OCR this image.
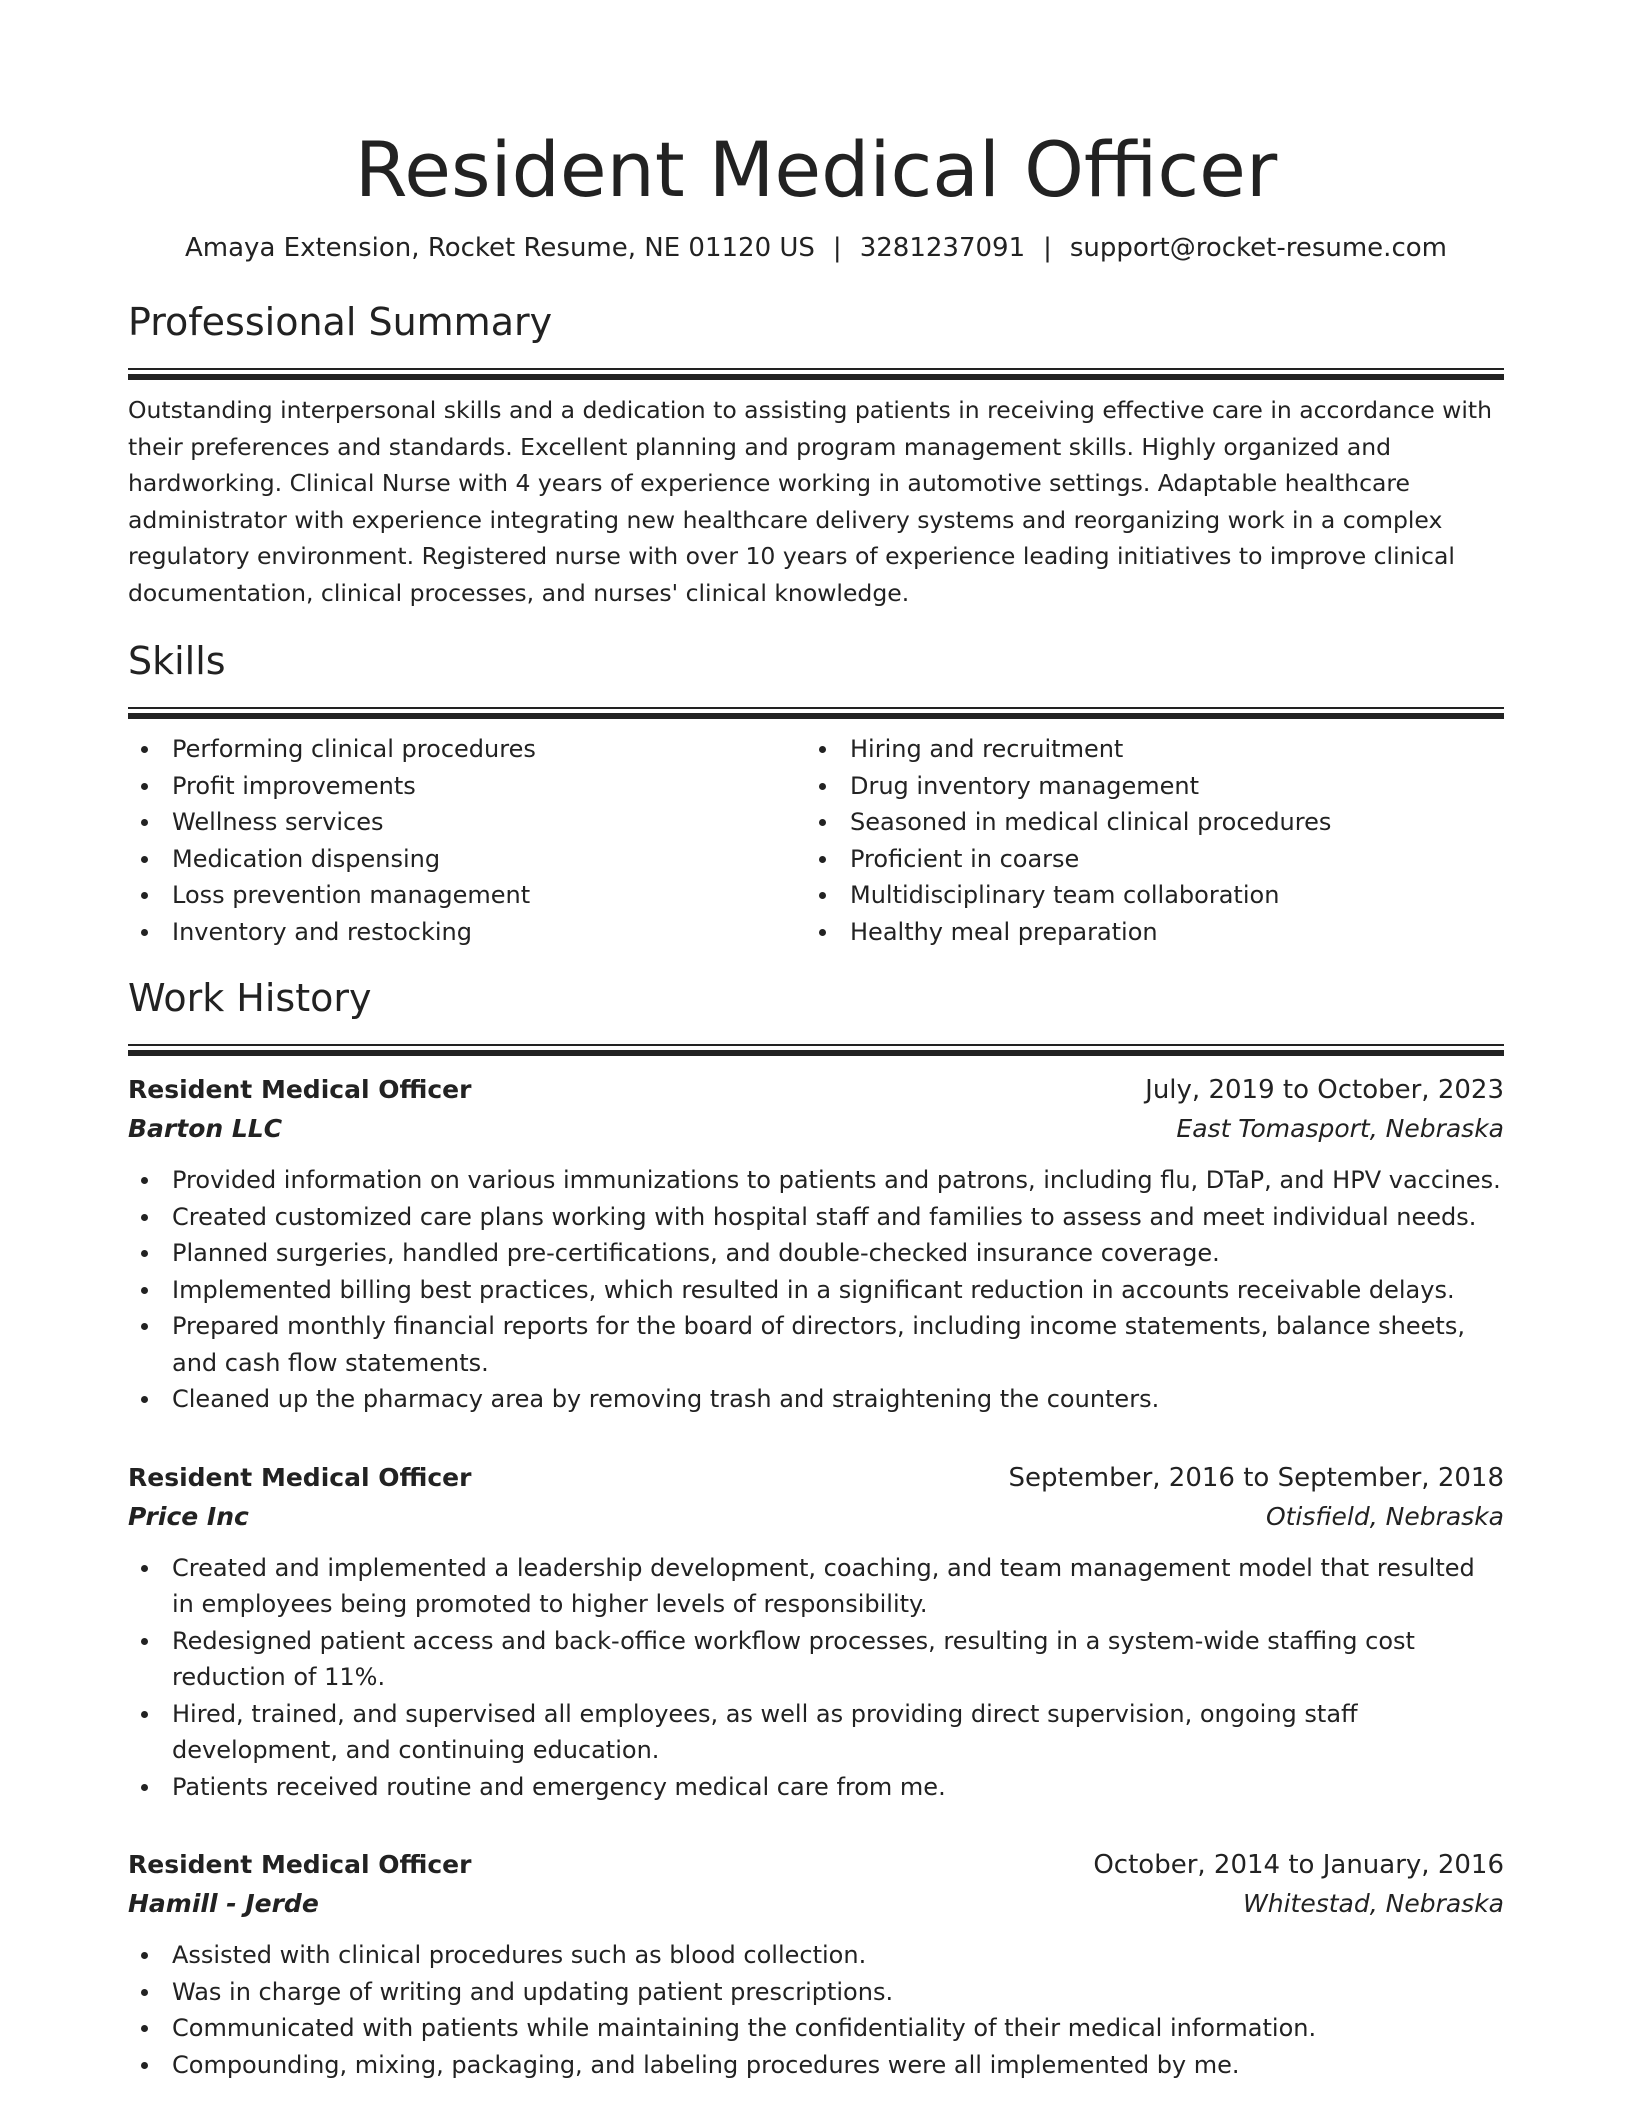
Resident Medical Officer
Amaya Extension, Rocket Resume, NE 01120 US | 3281237091 | support@rocket-resume.com
Professional Summary
Outstanding interpersonal skills and a dedication to assisting patients in receiving effective care in accordance with their preferences and standards. Excellent planning and program management skills. Highly organized and hardworking. Clinical Nurse with 4 years of experience working in automotive settings. Adaptable healthcare administrator with experience integrating new healthcare delivery systems and reorganizing work in a complex regulatory environment. Registered nurse with over 10 years of experience leading initiatives to improve clinical documentation, clinical processes, and nurses' clinical knowledge.
Skills
Performing clinical procedures
Profit improvements
Wellness services
Medication dispensing
Loss prevention management
Inventory and restocking
Hiring and recruitment
Drug inventory management
Seasoned in medical clinical procedures
Proficient in coarse
Multidisciplinary team collaboration
Healthy meal preparation
Work History
Resident Medical Officer	July, 2019 to October, 2023
Barton LLC	East Tomasport, Nebraska
Provided information on various immunizations to patients and patrons, including flu, DTaP, and HPV vaccines.
Created customized care plans working with hospital staff and families to assess and meet individual needs.
Planned surgeries, handled pre-certifications, and double-checked insurance coverage.
Implemented billing best practices, which resulted in a significant reduction in accounts receivable delays.
Prepared monthly financial reports for the board of directors, including income statements, balance sheets, and cash flow statements.
Cleaned up the pharmacy area by removing trash and straightening the counters.
Resident Medical Officer	September, 2016 to September, 2018
Price Inc	Otisfield, Nebraska
Created and implemented a leadership development, coaching, and team management model that resulted in employees being promoted to higher levels of responsibility.
Redesigned patient access and back-office workflow processes, resulting in a system-wide staffing cost reduction of 11%.
Hired, trained, and supervised all employees, as well as providing direct supervision, ongoing staff development, and continuing education.
Patients received routine and emergency medical care from me.
Resident Medical Officer	October, 2014 to January, 2016
Hamill - Jerde	Whitestad, Nebraska
Assisted with clinical procedures such as blood collection.
Was in charge of writing and updating patient prescriptions.
Communicated with patients while maintaining the confidentiality of their medical information.
Compounding, mixing, packaging, and labeling procedures were all implemented by me.
